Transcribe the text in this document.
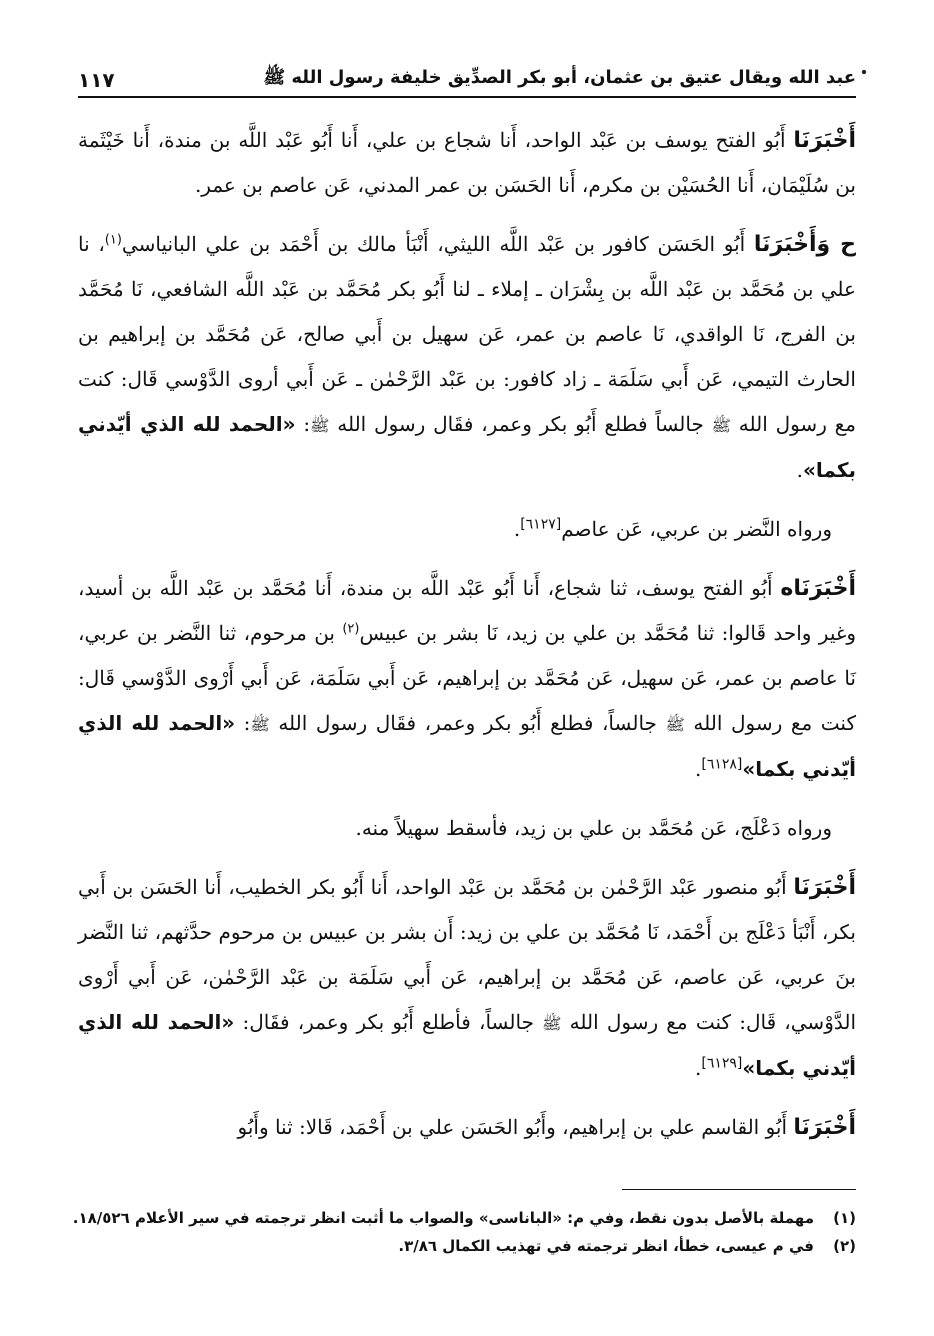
عبد الله ويقال عتيق بن عثمان، أبو بكر الصدِّيق خليفة رسول الله ﷺ
١١٧

أَخْبَرَنَا أَبُو الفتح يوسف بن عَبْد الواحد، أَنا شجاع بن علي، أَنا أَبُو عَبْد اللَّه بن مندة، أَنا خَيْثَمة بن سُلَيْمَان، أَنا الحُسَيْن بن مكرم، أَنا الحَسَن بن عمر المدني، عَن عاصم بن عمر.

ح وَأَخْبَرَنَا أَبُو الحَسَن كافور بن عَبْد اللَّه الليثي، أَنْبَأ مالك بن أَحْمَد بن علي البانياسي$^{(١)}$، نا علي بن مُحَمَّد بن عَبْد اللَّه بن بِشْرَان ـ إملاء ـ لنا أَبُو بكر مُحَمَّد بن عَبْد اللَّه الشافعي، نَا مُحَمَّد بن الفرج، نَا الواقدي، نَا عاصم بن عمر، عَن سهيل بن أَبي صالح، عَن مُحَمَّد بن إبراهيم بن الحارث التيمي، عَن أَبي سَلَمَة ـ زاد كافور: بن عَبْد الرَّحْمٰن ـ عَن أَبي أروى الدَّوْسي قَال: كنت مع رسول الله ﷺ جالساً فطلع أَبُو بكر وعمر، فقَال رسول الله ﷺ: «الحمد لله الذي أيّدني بكما».

ورواه النَّضر بن عربي، عَن عاصم[٦١٢٧].

أَخْبَرَنَاه أَبُو الفتح يوسف، ثنا شجاع، أَنا أَبُو عَبْد اللَّه بن مندة، أَنا مُحَمَّد بن عَبْد اللَّه بن أسيد، وغير واحد قَالوا: ثنا مُحَمَّد بن علي بن زيد، نَا بشر بن عبيس$^{(٢)}$ بن مرحوم، ثنا النَّضر بن عربي، نَا عاصم بن عمر، عَن سهيل، عَن مُحَمَّد بن إبراهيم، عَن أَبي سَلَمَة، عَن أَبي أَرْوى الدَّوْسي قَال: كنت مع رسول الله ﷺ جالساً، فطلع أَبُو بكر وعمر، فقَال رسول الله ﷺ: «الحمد لله الذي أيّدني بكما»[٦١٢٨].

ورواه دَعْلَج، عَن مُحَمَّد بن علي بن زيد، فأسقط سهيلاً منه.

أَخْبَرَنَا أَبُو منصور عَبْد الرَّحْمٰن بن مُحَمَّد بن عَبْد الواحد، أَنا أَبُو بكر الخطيب، أَنا الحَسَن بن أَبي بكر، أَنْبَأ دَعْلَج بن أَحْمَد، نَا مُحَمَّد بن علي بن زيد: أَن بشر بن عبيس بن مرحوم حدَّثهم، ثنا النَّضر بنَ عربي، عَن عاصم، عَن مُحَمَّد بن إبراهيم، عَن أَبي سَلَمَة بن عَبْد الرَّحْمٰن، عَن أَبي أَرْوى الدَّوْسي، قَال: كنت مع رسول الله ﷺ جالساً، فأطلع أَبُو بكر وعمر، فقَال: «الحمد لله الذي أيّدني بكما»[٦١٢٩].

أَخْبَرَنَا أَبُو القاسم علي بن إبراهيم، وأَبُو الحَسَن علي بن أَحْمَد، قَالا: ثنا وأَبُو

(١)
مهملة بالأصل بدون نقط، وفي م: «الباناسى» والصواب ما أثبت انظر ترجمته في سير الأعلام ١٨/٥٢٦.
(٢)
في م عيسى، خطأ، انظر ترجمته في تهذيب الكمال ٣/٨٦.
